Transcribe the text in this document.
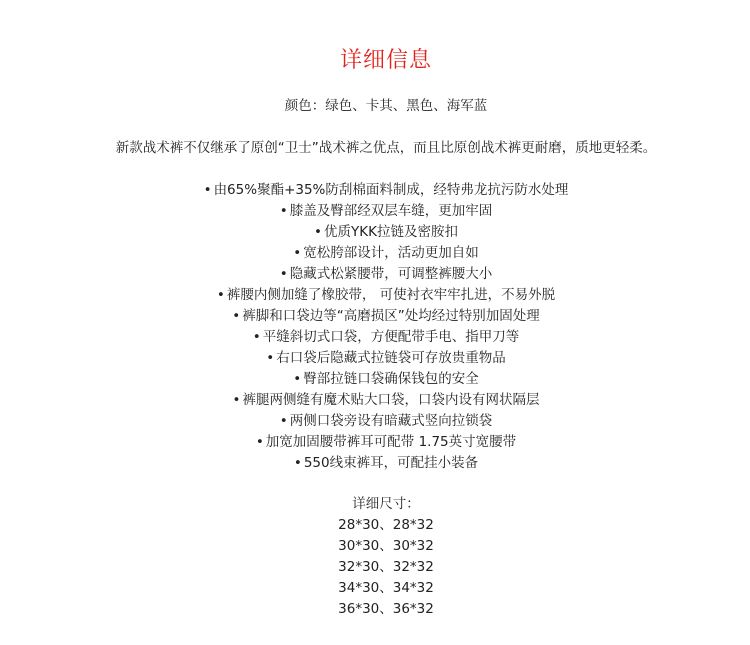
详细信息
颜色：绿色、卡其、黑色、海军蓝
新款战术裤不仅继承了原创“卫士”战术裤之优点，而且比原创战术裤更耐磨，质地更轻柔。
• 由65%聚酯+35%防刮棉面料制成，经特弗龙抗污防水处理
• 膝盖及臀部经双层车缝，更加牢固
• 优质YKK拉链及密胺扣
• 宽松胯部设计，活动更加自如
• 隐藏式松紧腰带，可调整裤腰大小
• 裤腰内侧加缝了橡胶带， 可使衬衣牢牢扎进，不易外脱
• 裤脚和口袋边等“高磨损区”处均经过特别加固处理
• 平缝斜切式口袋，方便配带手电、指甲刀等
• 右口袋后隐藏式拉链袋可存放贵重物品
• 臀部拉链口袋确保钱包的安全
• 裤腿两侧缝有魔术贴大口袋，口袋内设有网状隔层
• 两侧口袋旁设有暗藏式竖向拉锁袋
• 加宽加固腰带裤耳可配带 1.75英寸宽腰带
• 550线束裤耳，可配挂小装备
详细尺寸：
28*30、28*32
30*30、30*32
32*30、32*32
34*30、34*32
36*30、36*32
